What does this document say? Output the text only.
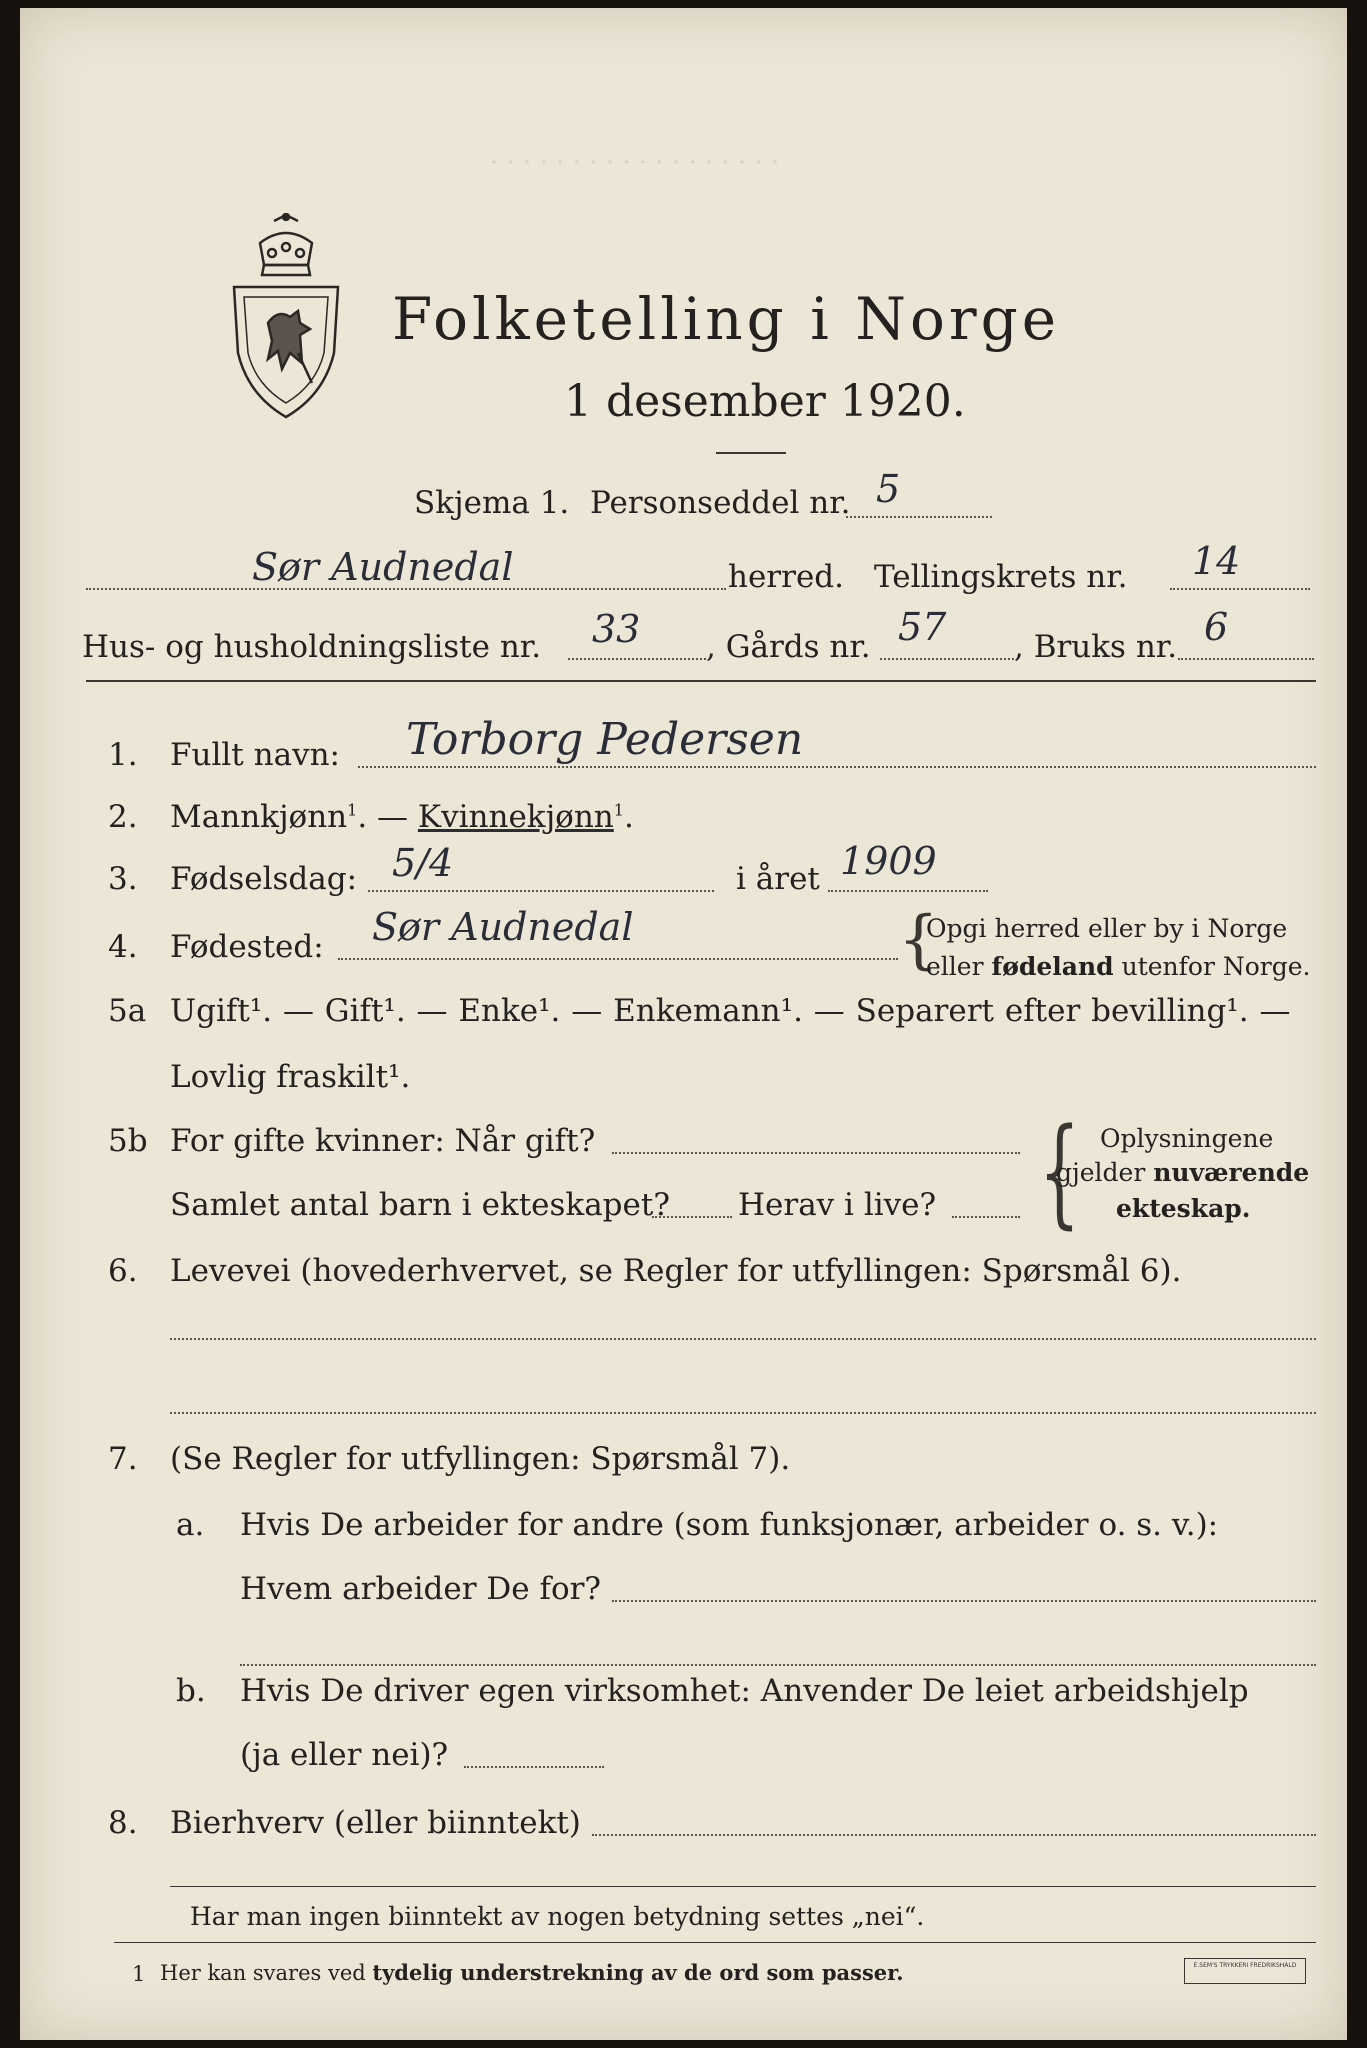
· · · · · · · · · · · · · · · · · ·
Folketelling i Norge
1 desember 1920.
Skjema 1. Personseddel nr. 5
Sør Audnedal	herred. Tellingskrets nr. 14
Hus- og husholdningsliste nr. 33 , Gårds nr. 57 , Bruks nr. 6
1. Fullt navn: Torborg Pedersen
2. Mannkjønn$^1$. — Kvinnekjønn$^1$.
3. Fødselsdag: 5/4	i året 1909
4. Fødested: Sør Audnedal	{
Opgi herred eller by i Norge
eller fødeland utenfor Norge.
5a Ugift¹. — Gift¹. — Enke¹. — Enkemann¹. — Separert efter bevilling¹. —
Lovlig fraskilt¹.
5b For gifte kvinner: Når gift?
Samlet antal barn i ekteskapet? Herav i live? { Oplysningene
gjelder nuværende
ekteskap.
6. Levevei (hovederhvervet, se Regler for utfyllingen: Spørsmål 6).
7. (Se Regler for utfyllingen: Spørsmål 7).
a. Hvis De arbeider for andre (som funksjonær, arbeider o. s. v.):
Hvem arbeider De for?
b. Hvis De driver egen virksomhet: Anvender De leiet arbeidshjelp
(ja eller nei)?
8. Bierhverv (eller biinntekt)
Har man ingen biinntekt av nogen betydning settes „nei“.
1 Her kan svares ved tydelig understrekning av de ord som passer.	E.SEM'S TRYKKERI FREDRIKSHALD
